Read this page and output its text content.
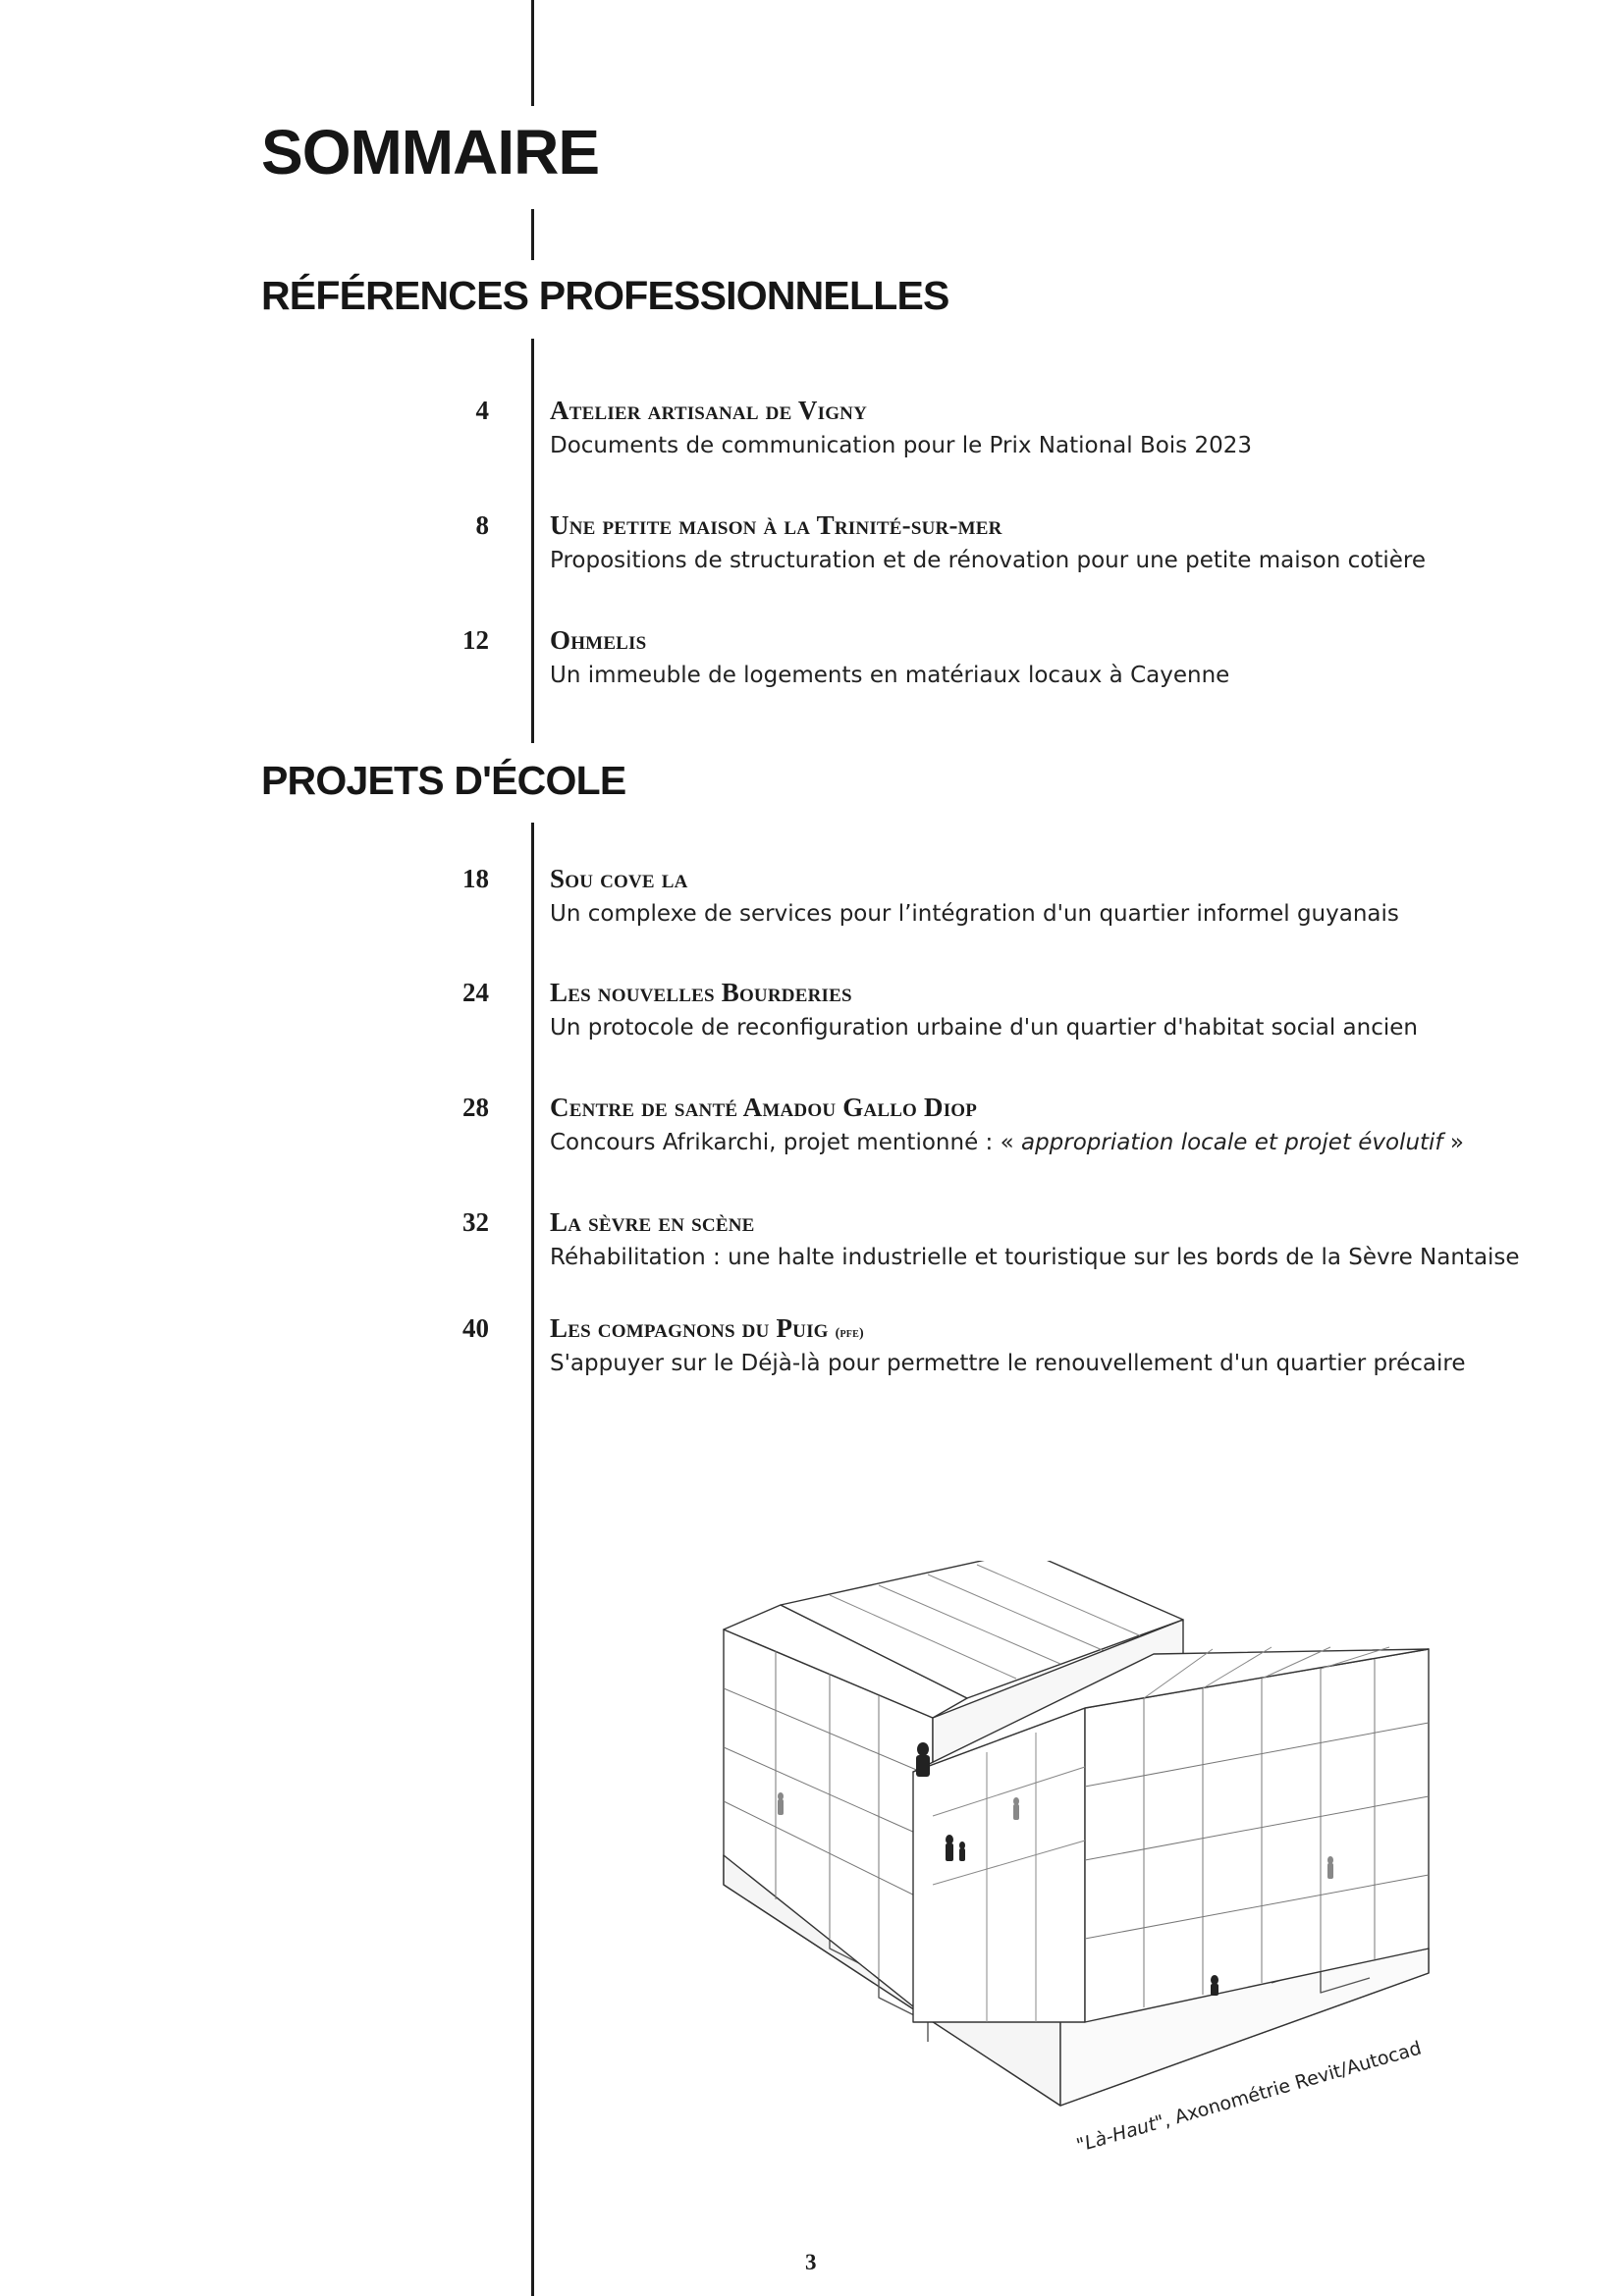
SOMMAIRE
RÉFÉRENCES PROFESSIONNELLES
4 Atelier artisanal de Vigny
Documents de communication pour le Prix National Bois 2023
8 Une petite maison à la Trinité-sur-mer
Propositions de structuration et de rénovation pour une petite maison cotière
12 Ohmelis
Un immeuble de logements en matériaux locaux à Cayenne
PROJETS D'ÉCOLE
18 Sou cove la
Un complexe de services pour l’intégration d'un quartier informel guyanais
24 Les nouvelles Bourderies
Un protocole de reconfiguration urbaine d'un quartier d'habitat social ancien
28 Centre de santé Amadou Gallo Diop
Concours Afrikarchi, projet mentionné : « appropriation locale et projet évolutif »
32 La sèvre en scène
Réhabilitation : une halte industrielle et touristique sur les bords de la Sèvre Nantaise
40 Les compagnons du Puig (pfe)
S'appuyer sur le Déjà-là pour permettre le renouvellement d'un quartier précaire
"Là-Haut", Axonométrie Revit/Autocad
3
